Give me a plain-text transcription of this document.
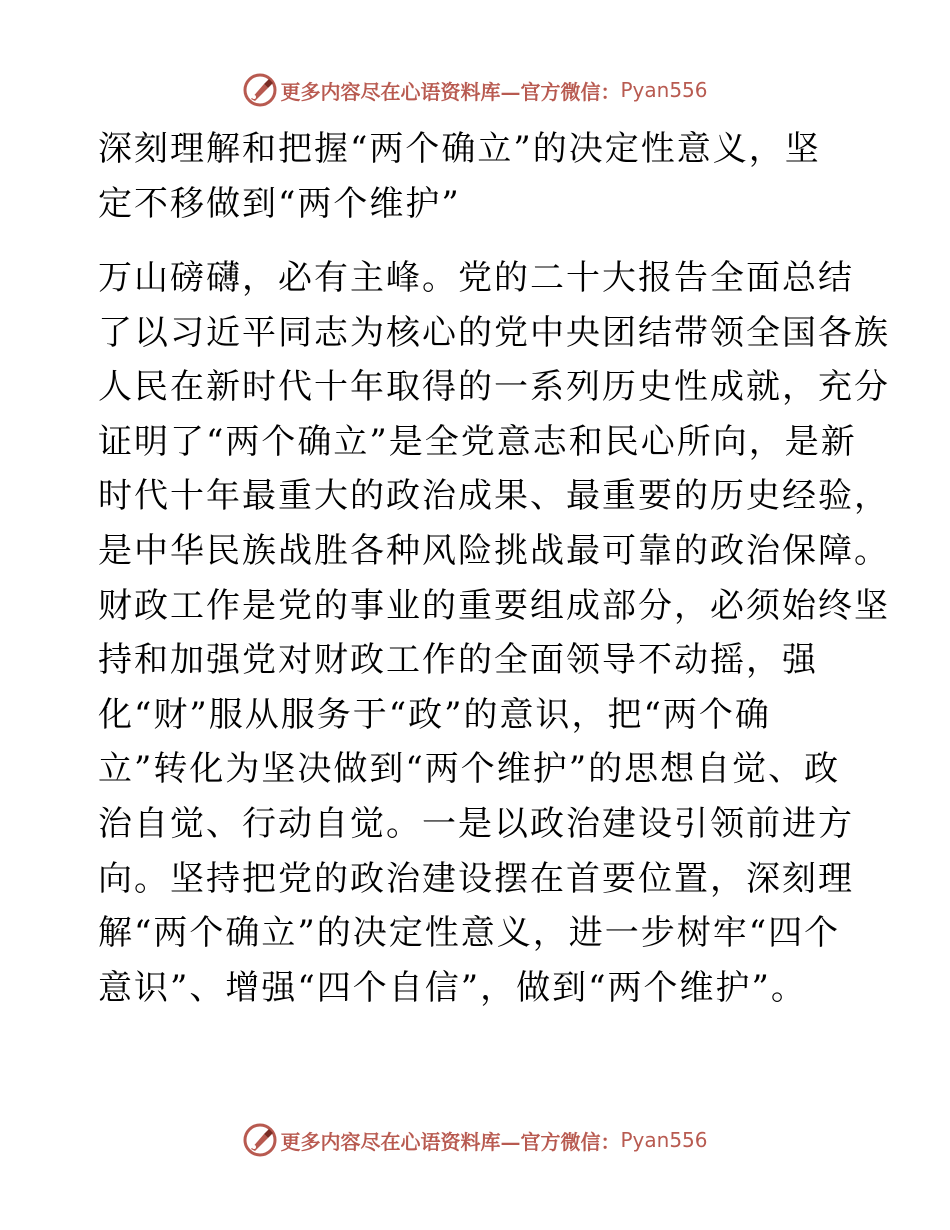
更多内容尽在心语资料库—官方微信： Pyan556
深刻理解和把握“两个确立”的决定性意义，坚
定不移做到“两个维护”
万山磅礴，必有主峰。党的二十大报告全面总结
了以习近平同志为核心的党中央团结带领全国各族
人民在新时代十年取得的一系列历史性成就，充分
证明了“两个确立”是全党意志和民心所向，是新
时代十年最重大的政治成果、最重要的历史经验，
是中华民族战胜各种风险挑战最可靠的政治保障。
财政工作是党的事业的重要组成部分，必须始终坚
持和加强党对财政工作的全面领导不动摇，强
化“财”服从服务于“政”的意识，把“两个确
立”转化为坚决做到“两个维护”的思想自觉、政
治自觉、行动自觉。一是以政治建设引领前进方
向。坚持把党的政治建设摆在首要位置，深刻理
解“两个确立”的决定性意义，进一步树牢“四个
意识”、增强“四个自信”，做到“两个维护”。
更多内容尽在心语资料库—官方微信： Pyan556
